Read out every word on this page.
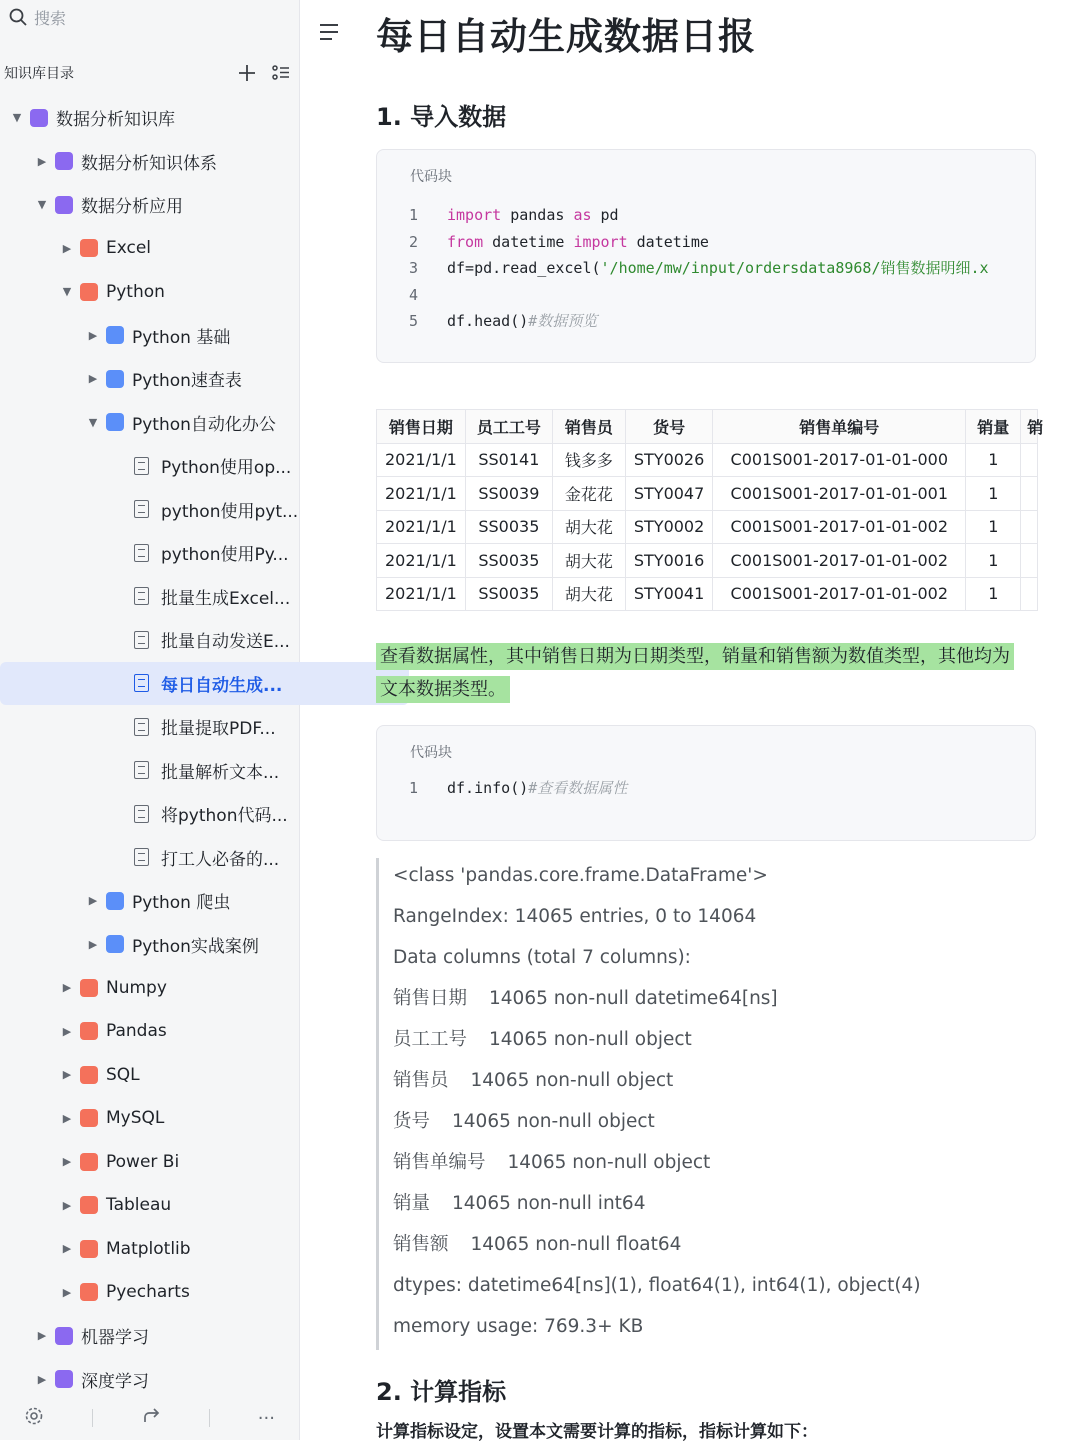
搜索
知识库目录
▼ 数据分析知识库
▶ 数据分析知识体系
▼ 数据分析应用
▶ Excel
▼ Python
▶ Python 基础
▶ Python速查表
▼ Python自动化办公
Python使用op...
python使用pyt...
python使用Py...
批量生成Excel...
批量自动发送E...
每日自动生成...
批量提取PDF...
批量解析文本...
将python代码...
打工人必备的...
▶ Python 爬虫
▶ Python实战案例
▶ Numpy
▶ Pandas
▶ SQL
▶ MySQL
▶ Power Bi
▶ Tableau
▶ Matplotlib
▶ Pyecharts
▶ 机器学习
▶ 深度学习
···
每日自动生成数据日报
1. 导入数据
代码块
1 import pandas as pd
2 from datetime import datetime
3 df=pd.read_excel('/home/mw/input/ordersdata8968/销售数据明细.x
4
5 df.head()#数据预览
销售日期	员工工号	销售员	货号	销售单编号	销量	销
2021/1/1	SS0141	钱多多	STY0026	C001S001-2017-01-01-000	1	
2021/1/1	SS0039	金花花	STY0047	C001S001-2017-01-01-001	1	
2021/1/1	SS0035	胡大花	STY0002	C001S001-2017-01-01-002	1	
2021/1/1	SS0035	胡大花	STY0016	C001S001-2017-01-01-002	1	
2021/1/1	SS0035	胡大花	STY0041	C001S001-2017-01-01-002	1	
查看数据属性，其中销售日期为日期类型，销量和销售额为数值类型，其他均为文本数据类型。
代码块
1 df.info()#查看数据属性
<class 'pandas.core.frame.DataFrame'>
RangeIndex: 14065 entries, 0 to 14064
Data columns (total 7 columns):
销售日期 14065 non-null datetime64[ns]
员工工号 14065 non-null object
销售员 14065 non-null object
货号 14065 non-null object
销售单编号 14065 non-null object
销量 14065 non-null int64
销售额 14065 non-null float64
dtypes: datetime64[ns](1), float64(1), int64(1), object(4)
memory usage: 769.3+ KB
2. 计算指标
计算指标设定，设置本文需要计算的指标，指标计算如下：
